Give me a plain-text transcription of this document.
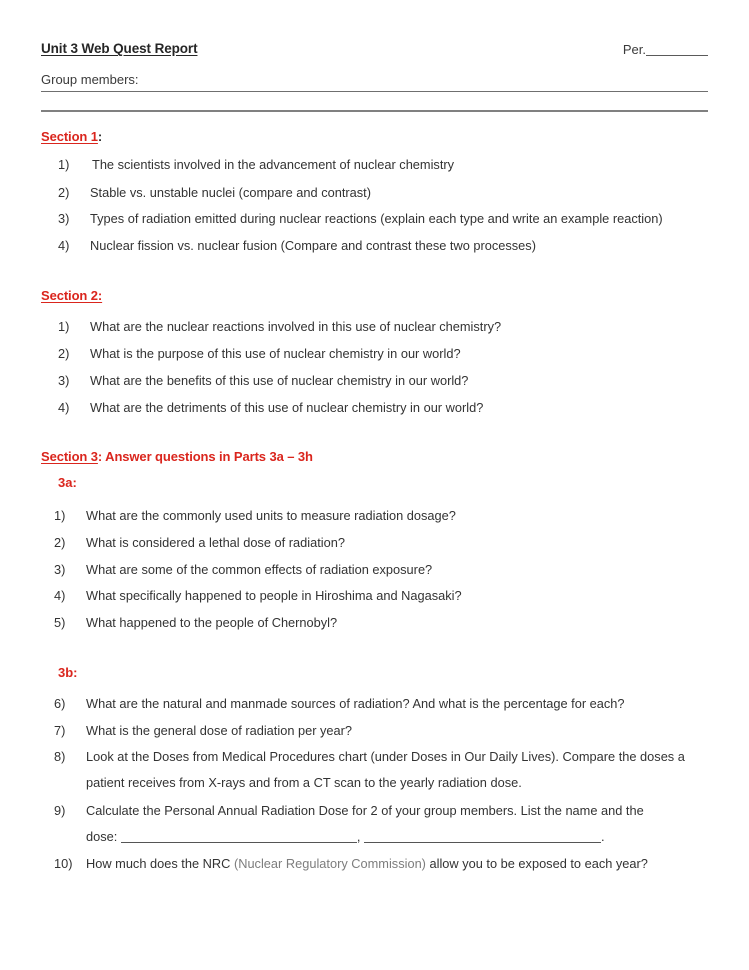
Unit 3 Web Quest Report	Per.
Group members:
Section 1:
1)	The scientists involved in the advancement of nuclear chemistry
2)	Stable vs. unstable nuclei (compare and contrast)
3)	Types of radiation emitted during nuclear reactions (explain each type and write an example reaction)
4)	Nuclear fission vs. nuclear fusion (Compare and contrast these two processes)
Section 2:
1)	What are the nuclear reactions involved in this use of nuclear chemistry?
2)	What is the purpose of this use of nuclear chemistry in our world?
3)	What are the benefits of this use of nuclear chemistry in our world?
4)	What are the detriments of this use of nuclear chemistry in our world?
Section 3: Answer questions in Parts 3a – 3h
3a:
1)	What are the commonly used units to measure radiation dosage?
2)	What is considered a lethal dose of radiation?
3)	What are some of the common effects of radiation exposure?
4)	What specifically happened to people in Hiroshima and Nagasaki?
5)	What happened to the people of Chernobyl?
3b:
6)	What are the natural and manmade sources of radiation? And what is the percentage for each?
7)	What is the general dose of radiation per year?
8)	Look at the Doses from Medical Procedures chart (under Doses in Our Daily Lives). Compare the doses a patient receives from X-rays and from a CT scan to the yearly radiation dose.
9)	Calculate the Personal Annual Radiation Dose for 2 of your group members. List the name and the
dose:	,	.
10)	How much does the NRC (Nuclear Regulatory Commission) allow you to be exposed to each year?
